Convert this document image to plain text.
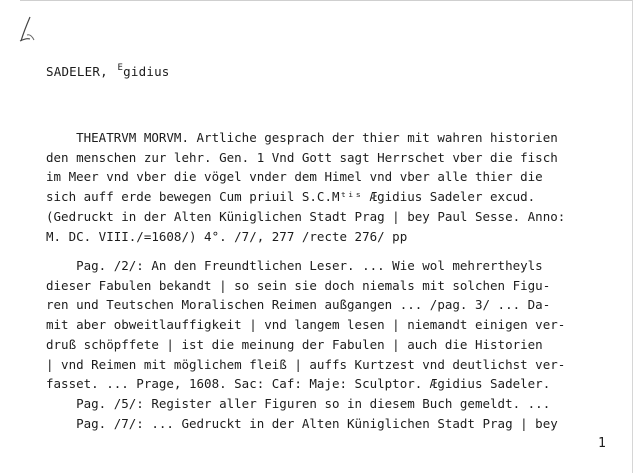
SADELER, $^E$gidius
THEATRVM MORVM. Artliche gesprach der thier mit wahren historien
den menschen zur lehr. Gen. 1 Vnd Gott sagt Herrschet vber die fisch
im Meer vnd vber die vögel vnder dem Himel vnd vber alle thier die
sich auff erde bewegen Cum priuil S.C.Mᵗⁱˢ Ægidius Sadeler excud.
(Gedruckt in der Alten Küniglichen Stadt Prag | bey Paul Sesse. Anno:
M. DC. VIII./=1608/) 4°. /7/, 277 /recte 276/ pp
Pag. /2/: An den Freundtlichen Leser. ... Wie wol mehrertheyls
dieser Fabulen bekandt | so sein sie doch niemals mit solchen Figu-
ren und Teutschen Moralischen Reimen außgangen ... /pag. 3/ ... Da-
mit aber obweitlauffigkeit | vnd langem lesen | niemandt einigen ver-
druß schöpffete | ist die meinung der Fabulen | auch die Historien
| vnd Reimen mit möglichem fleiß | auffs Kurtzest vnd deutlichst ver-
fasset. ... Prage, 1608. Sac: Caf: Maje: Sculptor. Ægidius Sadeler.
Pag. /5/: Register aller Figuren so in diesem Buch gemeldt. ...
Pag. /7/: ... Gedruckt in der Alten Küniglichen Stadt Prag | bey
1
